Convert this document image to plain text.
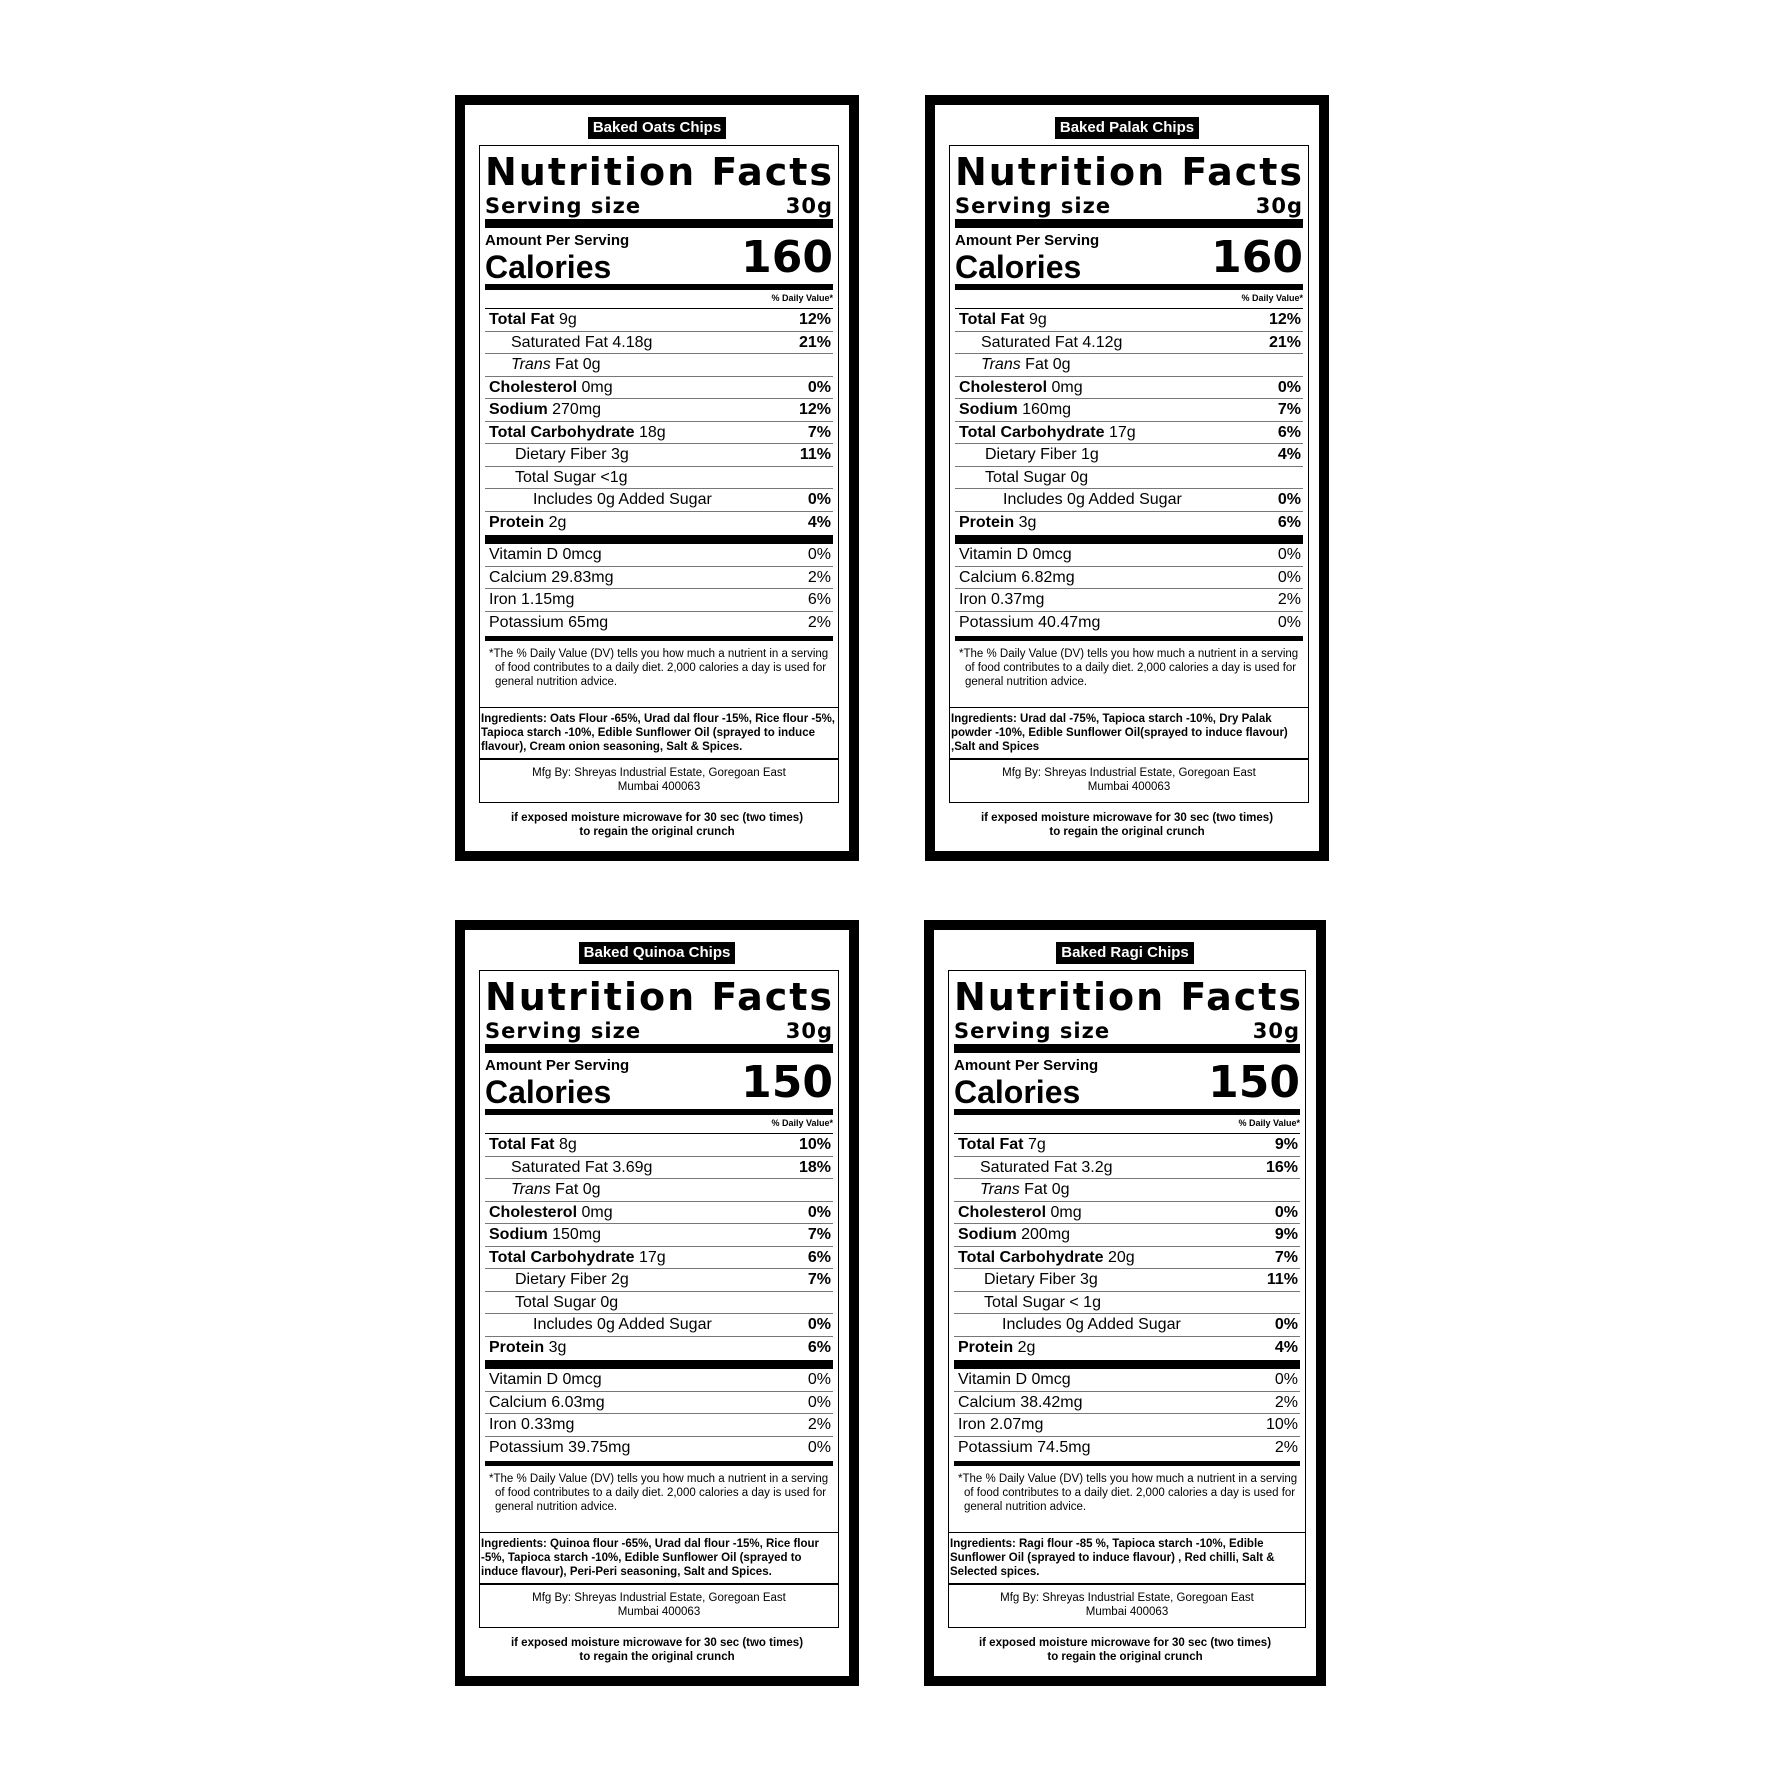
Baked Oats Chips
Nutrition Facts
Serving size	30g
Amount Per Serving
Calories	160
% Daily Value*
Total Fat 9g	12%
Saturated Fat 4.18g	21%
Trans Fat 0g
Cholesterol 0mg	0%
Sodium 270mg	12%
Total Carbohydrate 18g	7%
Dietary Fiber 3g	11%
Total Sugar <1g
Includes 0g Added Sugar	0%
Protein 2g	4%
Vitamin D 0mcg	0%
Calcium 29.83mg	2%
Iron 1.15mg	6%
Potassium 65mg	2%
*The % Daily Value (DV) tells you how much a nutrient in a serving of food contributes to a daily diet. 2,000 calories a day is used for general nutrition advice.
Ingredients: Oats Flour -65%, Urad dal flour -15%, Rice flour -5%, Tapioca starch -10%, Edible Sunflower Oil (sprayed to induce flavour), Cream onion seasoning, Salt & Spices.
Mfg By: Shreyas Industrial Estate, Goregoan East
Mumbai 400063
if exposed moisture microwave for 30 sec (two times)
to regain the original crunch
Baked Palak Chips
Nutrition Facts
Serving size	30g
Amount Per Serving
Calories	160
% Daily Value*
Total Fat 9g	12%
Saturated Fat 4.12g	21%
Trans Fat 0g
Cholesterol 0mg	0%
Sodium 160mg	7%
Total Carbohydrate 17g	6%
Dietary Fiber 1g	4%
Total Sugar 0g
Includes 0g Added Sugar	0%
Protein 3g	6%
Vitamin D 0mcg	0%
Calcium 6.82mg	0%
Iron 0.37mg	2%
Potassium 40.47mg	0%
*The % Daily Value (DV) tells you how much a nutrient in a serving of food contributes to a daily diet. 2,000 calories a day is used for general nutrition advice.
Ingredients: Urad dal -75%, Tapioca starch -10%, Dry Palak powder -10%, Edible Sunflower Oil(sprayed to induce flavour) ,Salt and Spices
Mfg By: Shreyas Industrial Estate, Goregoan East
Mumbai 400063
if exposed moisture microwave for 30 sec (two times)
to regain the original crunch
Baked Quinoa Chips
Nutrition Facts
Serving size	30g
Amount Per Serving
Calories	150
% Daily Value*
Total Fat 8g	10%
Saturated Fat 3.69g	18%
Trans Fat 0g
Cholesterol 0mg	0%
Sodium 150mg	7%
Total Carbohydrate 17g	6%
Dietary Fiber 2g	7%
Total Sugar 0g
Includes 0g Added Sugar	0%
Protein 3g	6%
Vitamin D 0mcg	0%
Calcium 6.03mg	0%
Iron 0.33mg	2%
Potassium 39.75mg	0%
*The % Daily Value (DV) tells you how much a nutrient in a serving of food contributes to a daily diet. 2,000 calories a day is used for general nutrition advice.
Ingredients: Quinoa flour -65%, Urad dal flour -15%, Rice flour -5%, Tapioca starch -10%, Edible Sunflower Oil (sprayed to induce flavour), Peri-Peri seasoning, Salt and Spices.
Mfg By: Shreyas Industrial Estate, Goregoan East
Mumbai 400063
if exposed moisture microwave for 30 sec (two times)
to regain the original crunch
Baked Ragi Chips
Nutrition Facts
Serving size	30g
Amount Per Serving
Calories	150
% Daily Value*
Total Fat 7g	9%
Saturated Fat 3.2g	16%
Trans Fat 0g
Cholesterol 0mg	0%
Sodium 200mg	9%
Total Carbohydrate 20g	7%
Dietary Fiber 3g	11%
Total Sugar < 1g
Includes 0g Added Sugar	0%
Protein 2g	4%
Vitamin D 0mcg	0%
Calcium 38.42mg	2%
Iron 2.07mg	10%
Potassium 74.5mg	2%
*The % Daily Value (DV) tells you how much a nutrient in a serving of food contributes to a daily diet. 2,000 calories a day is used for general nutrition advice.
Ingredients: Ragi flour -85 %, Tapioca starch -10%, Edible Sunflower Oil (sprayed to induce flavour) , Red chilli, Salt & Selected spices.
Mfg By: Shreyas Industrial Estate, Goregoan East
Mumbai 400063
if exposed moisture microwave for 30 sec (two times)
to regain the original crunch
